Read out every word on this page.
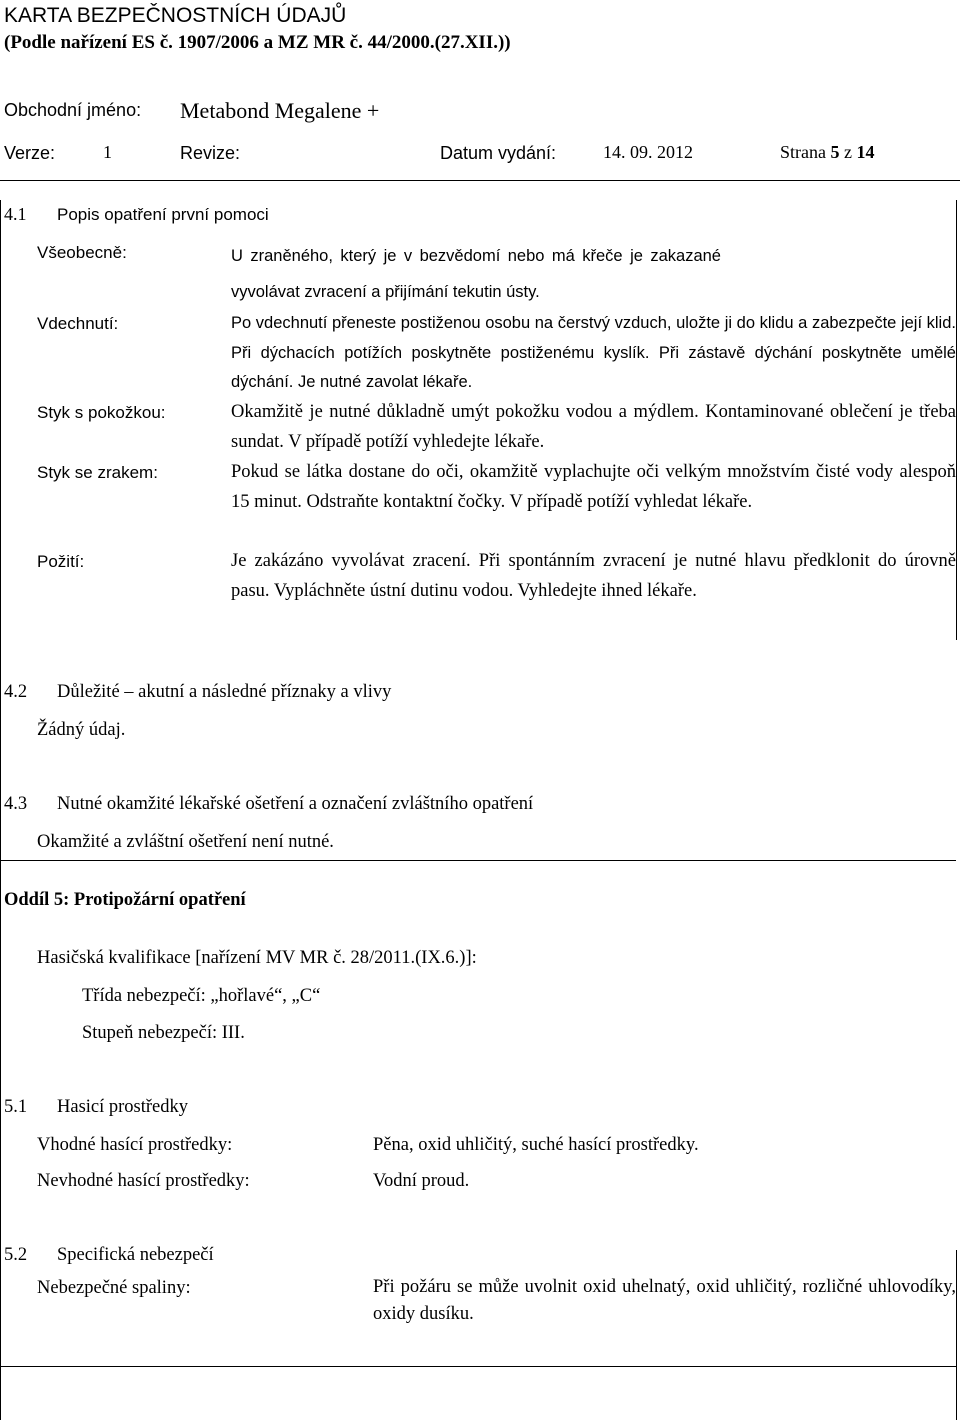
KARTA BEZPEČNOSTNÍCH ÚDAJŮ
(Podle nařízení ES č. 1907/2006 a MZ MR č. 44/2000.(27.XII.))
Obchodní jméno: Metabond Megalene +
Verze:	1	Revize:	Datum vydání:	14. 09. 2012	Strana 5 z 14
4.1 Popis opatření první pomoci
Všeobecně:	U zraněného, který je v bezvědomí nebo má křeče je zakazané vyvolávat zvracení a přijímání tekutin ústy.
Vdechnutí:	Po vdechnutí přeneste postiženou osobu na čerstvý vzduch, uložte ji do klidu a zabezpečte její klid. Při dýchacích potížích poskytněte postiženému kyslík. Při zástavě dýchání poskytněte umělé dýchání. Je nutné zavolat lékaře.
Styk s pokožkou:	Okamžitě je nutné důkladně umýt pokožku vodou a mýdlem. Kontaminované oblečení je třeba sundat. V případě potíží vyhledejte lékaře.
Styk se zrakem:	Pokud se látka dostane do oči, okamžitě vyplachujte oči velkým množstvím čisté vody alespoň 15 minut. Odstraňte kontaktní čočky. V případě potíží vyhledat lékaře.
Požití:	Je zakázáno vyvolávat zracení. Při spontánním zvracení je nutné hlavu předklonit do úrovně pasu. Vypláchněte ústní dutinu vodou. Vyhledejte ihned lékaře.
4.2 Důležité – akutní a následné příznaky a vlivy
Žádný údaj.
4.3 Nutné okamžité lékařské ošetření a označení zvláštního opatření
Okamžité a zvláštní ošetření není nutné.
Oddíl 5: Protipožární opatření
Hasičská kvalifikace [nařízení MV MR č. 28/2011.(IX.6.)]:
Třída nebezpečí: „hořlavé“, „C“
Stupeň nebezpečí: III.
5.1 Hasicí prostředky
Vhodné hasící prostředky:	Pěna, oxid uhličitý, suché hasící prostředky.
Nevhodné hasící prostředky:	Vodní proud.
5.2 Specifická nebezpečí
Nebezpečné spaliny:	Při požáru se může uvolnit oxid uhelnatý, oxid uhličitý, rozličné uhlovodíky, oxidy dusíku.
